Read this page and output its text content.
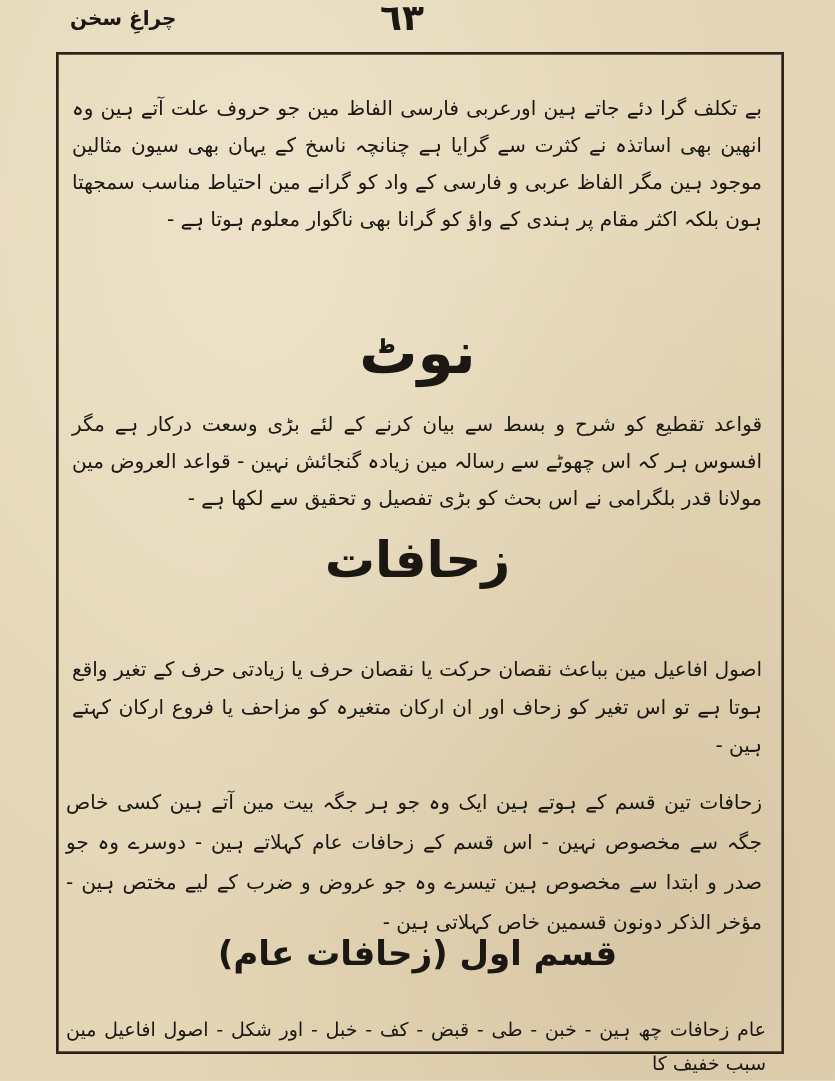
٦٣
چراغِ سخن

بے تکلف گرا دئے جاتے ہین اورعربی فارسی الفاظ مین جو حروف علت آتے ہین وہ انھین بھی اساتذہ نے کثرت سے گرایا ہے چنانچہ ناسخ کے یہان بھی سیون مثالین موجود ہین مگر الفاظ عربی و فارسی کے واد کو گرانے مین احتیاط مناسب سمجھتا ہون بلکہ اکثر مقام پر ہندی کے واؤ کو گرانا بھی ناگوار معلوم ہوتا ہے -

نوٹ

قواعد تقطیع کو شرح و بسط سے بیان کرنے کے لئے بڑی وسعت درکار ہے مگر افسوس ہر کہ اس چھوٹے سے رسالہ مین زیادہ گنجائش نہین - قواعد العروض مین مولانا قدر بلگرامی نے اس بحث کو بڑی تفصیل و تحقیق سے لکھا ہے -

زحافات

اصول افاعیل مین بباعث نقصان حرکت یا نقصان حرف یا زیادتی حرف کے تغیر واقع ہوتا ہے تو اس تغیر کو زحاف اور ان ارکان متغیرہ کو مزاحف یا فروع ارکان کہتے ہین -

زحافات تین قسم کے ہوتے ہین ایک وہ جو ہر جگہ بیت مین آتے ہین کسی خاص جگہ سے مخصوص نہین - اس قسم کے زحافات عام کہلاتے ہین - دوسرے وہ جو صدر و ابتدا سے مخصوص ہین تیسرے وہ جو عروض و ضرب کے لیے مختص ہین - مؤخر الذکر دونون قسمین خاص کہلاتی ہین -

قسم اول (زحافات عام)

عام زحافات چھ ہین - خبن - طی - قبض - کف - خبل - اور شکل - اصول افاعیل مین سبب خفیف کا
